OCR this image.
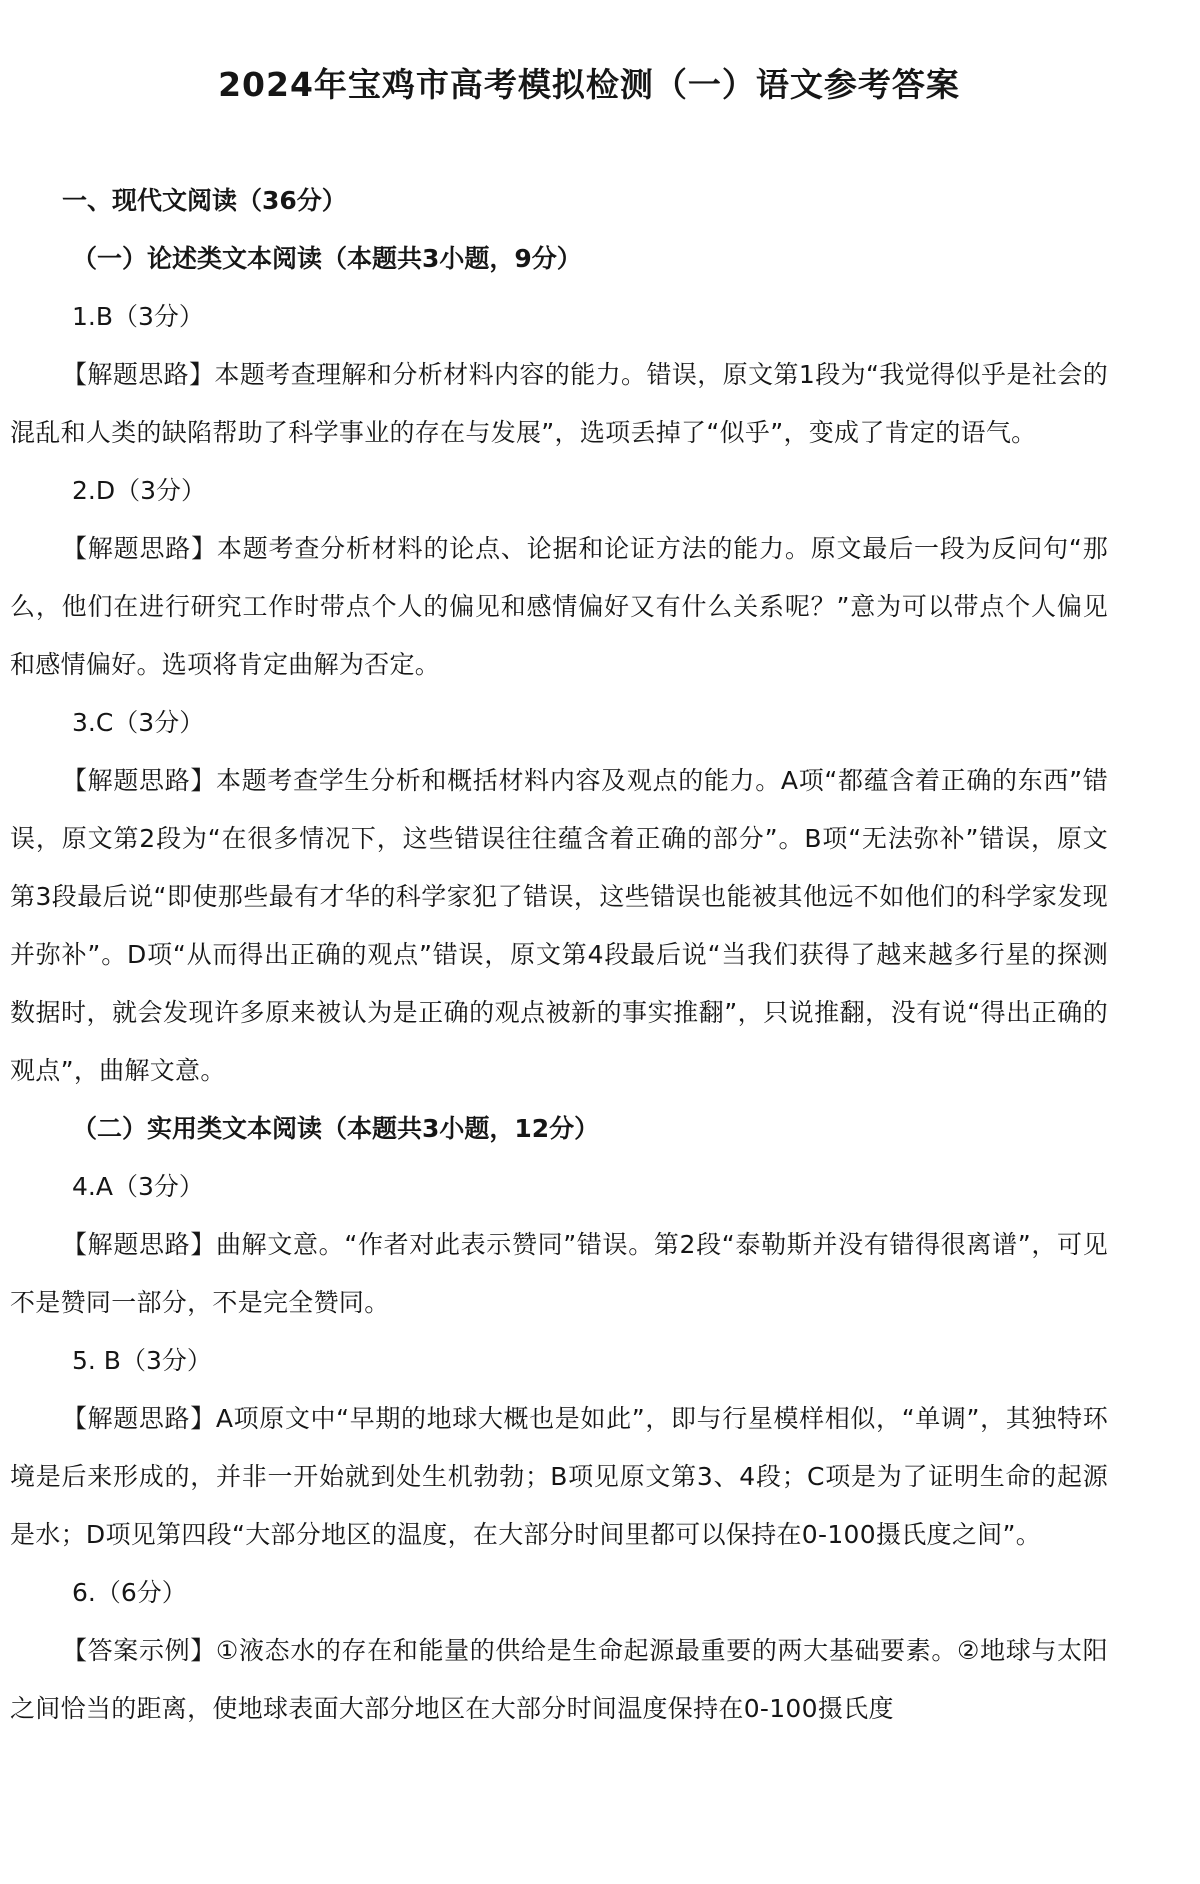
2024年宝鸡市高考模拟检测（一）语文参考答案
一、现代文阅读（36分）
（一）论述类文本阅读（本题共3小题，9分）
1.B（3分）

【解题思路】本题考查理解和分析材料内容的能力。错误，原文第1段为“我觉得似乎是社会的混乱和人类的缺陷帮助了科学事业的存在与发展”，选项丢掉了“似乎”，变成了肯定的语气。

2.D（3分）

【解题思路】本题考查分析材料的论点、论据和论证方法的能力。原文最后一段为反问句“那么，他们在进行研究工作时带点个人的偏见和感情偏好又有什么关系呢？”意为可以带点个人偏见和感情偏好。选项将肯定曲解为否定。

3.C（3分）

【解题思路】本题考查学生分析和概括材料内容及观点的能力。A项“都蕴含着正确的东西”错误，原文第2段为“在很多情况下，这些错误往往蕴含着正确的部分”。B项“无法弥补”错误，原文第3段最后说“即使那些最有才华的科学家犯了错误，这些错误也能被其他远不如他们的科学家发现并弥补”。D项“从而得出正确的观点”错误，原文第4段最后说“当我们获得了越来越多行星的探测数据时，就会发现许多原来被认为是正确的观点被新的事实推翻”，只说推翻，没有说“得出正确的观点”，曲解文意。

（二）实用类文本阅读（本题共3小题，12分）
4.A（3分）

【解题思路】曲解文意。“作者对此表示赞同”错误。第2段“泰勒斯并没有错得很离谱”，可见不是赞同一部分，不是完全赞同。

5. B（3分）

【解题思路】A项原文中“早期的地球大概也是如此”，即与行星模样相似，“单调”，其独特环境是后来形成的，并非一开始就到处生机勃勃；B项见原文第3、4段；C项是为了证明生命的起源是水；D项见第四段“大部分地区的温度，在大部分时间里都可以保持在0-100摄氏度之间”。

6.（6分）

【答案示例】①液态水的存在和能量的供给是生命起源最重要的两大基础要素。②地球与太阳之间恰当的距离，使地球表面大部分地区在大部分时间温度保持在0-100摄氏度
